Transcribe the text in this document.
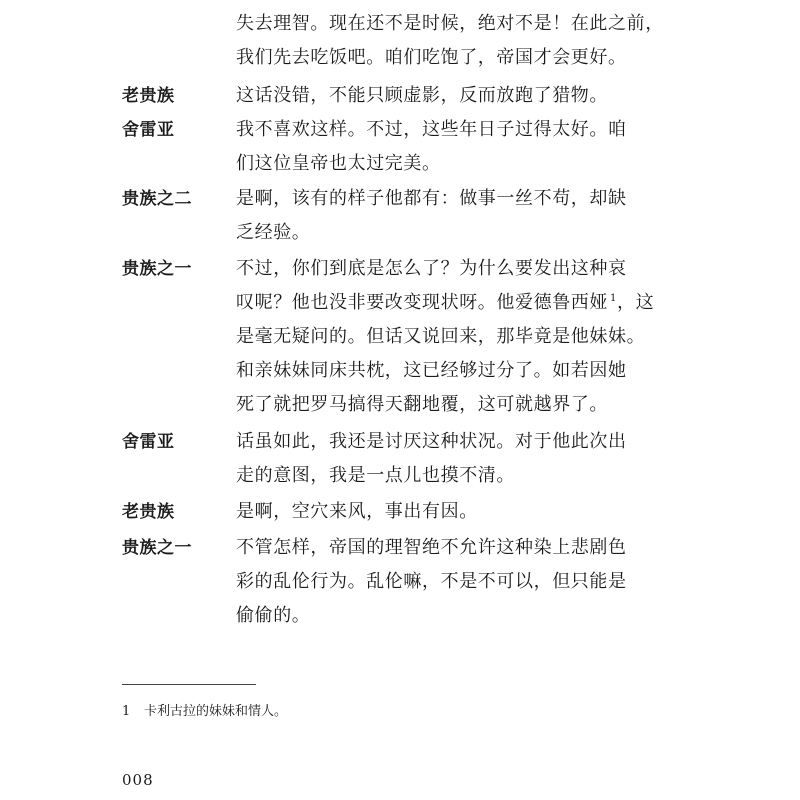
失去理智。现在还不是时候，绝对不是！在此之前，
我们先去吃饭吧。咱们吃饱了，帝国才会更好。
老贵族	这话没错，不能只顾虚影，反而放跑了猎物。
舍雷亚	我不喜欢这样。不过，这些年日子过得太好。咱
们这位皇帝也太过完美。
贵族之二 是啊，该有的样子他都有：做事一丝不苟，却缺
乏经验。
贵族之一 不过，你们到底是怎么了？为什么要发出这种哀
叹呢？他也没非要改变现状呀。他爱德鲁西娅 $^1$，这
是毫无疑问的。但话又说回来，那毕竟是他妹妹。
和亲妹妹同床共枕，这已经够过分了。如若因她
死了就把罗马搞得天翻地覆，这可就越界了。
舍雷亚	话虽如此，我还是讨厌这种状况。对于他此次出
走的意图，我是一点儿也摸不清。
老贵族	是啊，空穴来风，事出有因。
贵族之一 不管怎样，帝国的理智绝不允许这种染上悲剧色
彩的乱伦行为。乱伦嘛，不是不可以，但只能是
偷偷的。
1 卡利古拉的妹妹和情人。
008
